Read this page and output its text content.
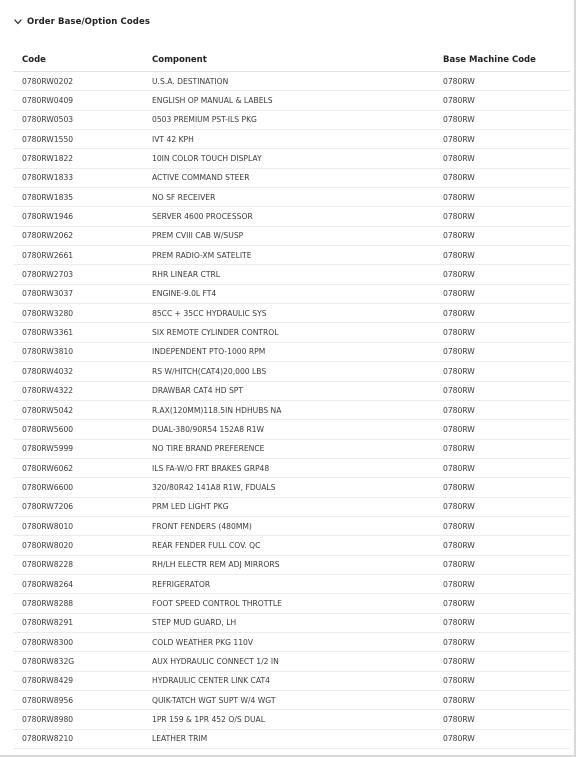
Order Base/Option Codes
Code	Component	Base Machine Code
0780RW0202	U.S.A. DESTINATION	0780RW
0780RW0409	ENGLISH OP MANUAL & LABELS	0780RW
0780RW0503	0503 PREMIUM PST-ILS PKG	0780RW
0780RW1550	IVT 42 KPH	0780RW
0780RW1822	10IN COLOR TOUCH DISPLAY	0780RW
0780RW1833	ACTIVE COMMAND STEER	0780RW
0780RW1835	NO SF RECEIVER	0780RW
0780RW1946	SERVER 4600 PROCESSOR	0780RW
0780RW2062	PREM CVIII CAB W/SUSP	0780RW
0780RW2661	PREM RADIO-XM SATELITE	0780RW
0780RW2703	RHR LINEAR CTRL	0780RW
0780RW3037	ENGINE-9.0L FT4	0780RW
0780RW3280	85CC + 35CC HYDRAULIC SYS	0780RW
0780RW3361	SIX REMOTE CYLINDER CONTROL	0780RW
0780RW3810	INDEPENDENT PTO-1000 RPM	0780RW
0780RW4032	RS W/HITCH(CAT4)20,000 LBS	0780RW
0780RW4322	DRAWBAR CAT4 HD SPT	0780RW
0780RW5042	R.AX(120MM)118.5IN HDHUBS NA	0780RW
0780RW5600	DUAL-380/90R54 152A8 R1W	0780RW
0780RW5999	NO TIRE BRAND PREFERENCE	0780RW
0780RW6062	ILS FA-W/O FRT BRAKES GRP48	0780RW
0780RW6600	320/80R42 141A8 R1W, FDUALS	0780RW
0780RW7206	PRM LED LIGHT PKG	0780RW
0780RW8010	FRONT FENDERS (480MM)	0780RW
0780RW8020	REAR FENDER FULL COV. QC	0780RW
0780RW8228	RH/LH ELECTR REM ADJ MIRRORS	0780RW
0780RW8264	REFRIGERATOR	0780RW
0780RW8288	FOOT SPEED CONTROL THROTTLE	0780RW
0780RW8291	STEP MUD GUARD, LH	0780RW
0780RW8300	COLD WEATHER PKG 110V	0780RW
0780RW832G	AUX HYDRAULIC CONNECT 1/2 IN	0780RW
0780RW8429	HYDRAULIC CENTER LINK CAT4	0780RW
0780RW8956	QUIK-TATCH WGT SUPT W/4 WGT	0780RW
0780RW8980	1PR 159 & 1PR 452 O/S DUAL	0780RW
0780RW8210	LEATHER TRIM	0780RW
